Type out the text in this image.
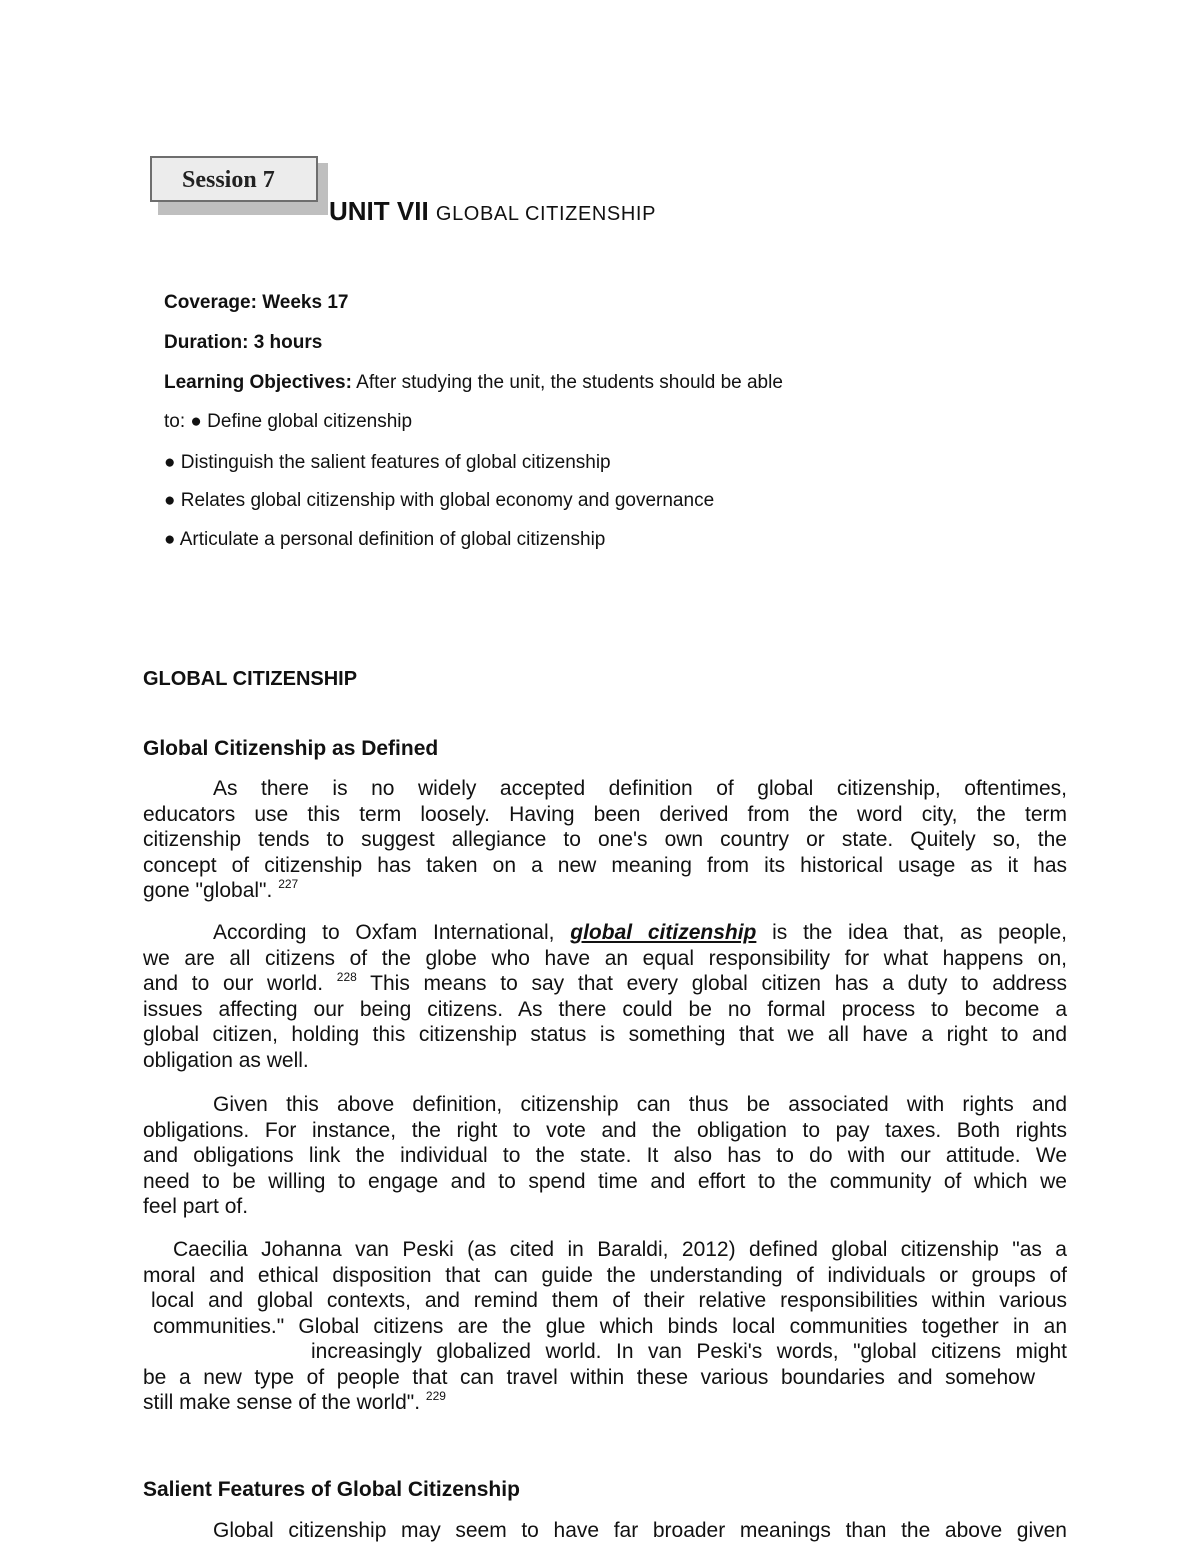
Session 7
UNIT VII GLOBAL CITIZENSHIP
Coverage: Weeks 17
Duration: 3 hours
Learning Objectives: After studying the unit, the students should be able
to: ● Define global citizenship
● Distinguish the salient features of global citizenship
● Relates global citizenship with global economy and governance
● Articulate a personal definition of global citizenship
GLOBAL CITIZENSHIP
Global Citizenship as Defined
As there is no widely accepted definition of global citizenship, oftentimes,
educators use this term loosely. Having been derived from the word city, the term
citizenship tends to suggest allegiance to one's own country or state. Quitely so, the
concept of citizenship has taken on a new meaning from its historical usage as it has
gone "global". $^{227}$
According to Oxfam International, global citizenship is the idea that, as people,
we are all citizens of the globe who have an equal responsibility for what happens on,
and to our world. $^{228}$ This means to say that every global citizen has a duty to address
issues affecting our being citizens. As there could be no formal process to become a
global citizen, holding this citizenship status is something that we all have a right to and
obligation as well.
Given this above definition, citizenship can thus be associated with rights and
obligations. For instance, the right to vote and the obligation to pay taxes. Both rights
and obligations link the individual to the state. It also has to do with our attitude. We
need to be willing to engage and to spend time and effort to the community of which we
feel part of.
Caecilia Johanna van Peski (as cited in Baraldi, 2012) defined global citizenship "as a
moral and ethical disposition that can guide the understanding of individuals or groups of
local and global contexts, and remind them of their relative responsibilities within various
communities." Global citizens are the glue which binds local communities together in an
increasingly globalized world. In van Peski's words, "global citizens might
be a new type of people that can travel within these various boundaries and somehow
still make sense of the world". $^{229}$
Salient Features of Global Citizenship
Global citizenship may seem to have far broader meanings than the above given
